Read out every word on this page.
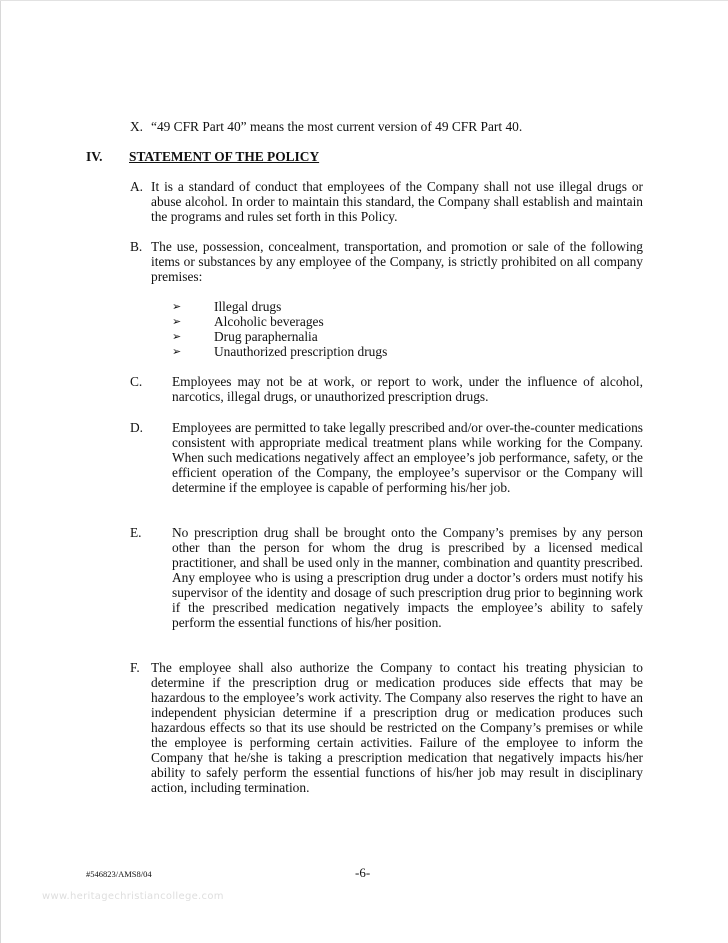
X. “49 CFR Part 40” means the most current version of 49 CFR Part 40.
IV. STATEMENT OF THE POLICY
A. It is a standard of conduct that employees of the Company shall not use illegal drugs or abuse alcohol. In order to maintain this standard, the Company shall establish and maintain the programs and rules set forth in this Policy.
B. The use, possession, concealment, transportation, and promotion or sale of the following items or substances by any employee of the Company, is strictly prohibited on all company premises:
➢ Illegal drugs
➢ Alcoholic beverages
➢ Drug paraphernalia
➢ Unauthorized prescription drugs
C. Employees may not be at work, or report to work, under the influence of alcohol, narcotics, illegal drugs, or unauthorized prescription drugs.
D. Employees are permitted to take legally prescribed and/or over-the-counter medications consistent with appropriate medical treatment plans while working for the Company. When such medications negatively affect an employee’s job performance, safety, or the efficient operation of the Company, the employee’s supervisor or the Company will determine if the employee is capable of performing his/her job.
E. No prescription drug shall be brought onto the Company’s premises by any person other than the person for whom the drug is prescribed by a licensed medical practitioner, and shall be used only in the manner, combination and quantity prescribed. Any employee who is using a prescription drug under a doctor’s orders must notify his supervisor of the identity and dosage of such prescription drug prior to beginning work if the prescribed medication negatively impacts the employee’s ability to safely perform the essential functions of his/her position.
F. The employee shall also authorize the Company to contact his treating physician to determine if the prescription drug or medication produces side effects that may be hazardous to the employee’s work activity. The Company also reserves the right to have an independent physician determine if a prescription drug or medication produces such hazardous effects so that its use should be restricted on the Company’s premises or while the employee is performing certain activities. Failure of the employee to inform the Company that he/she is taking a prescription medication that negatively impacts his/her ability to safely perform the essential functions of his/her job may result in disciplinary action, including termination.
#546823/AMS8/04	-6-
www.heritagechristiancollege.com
